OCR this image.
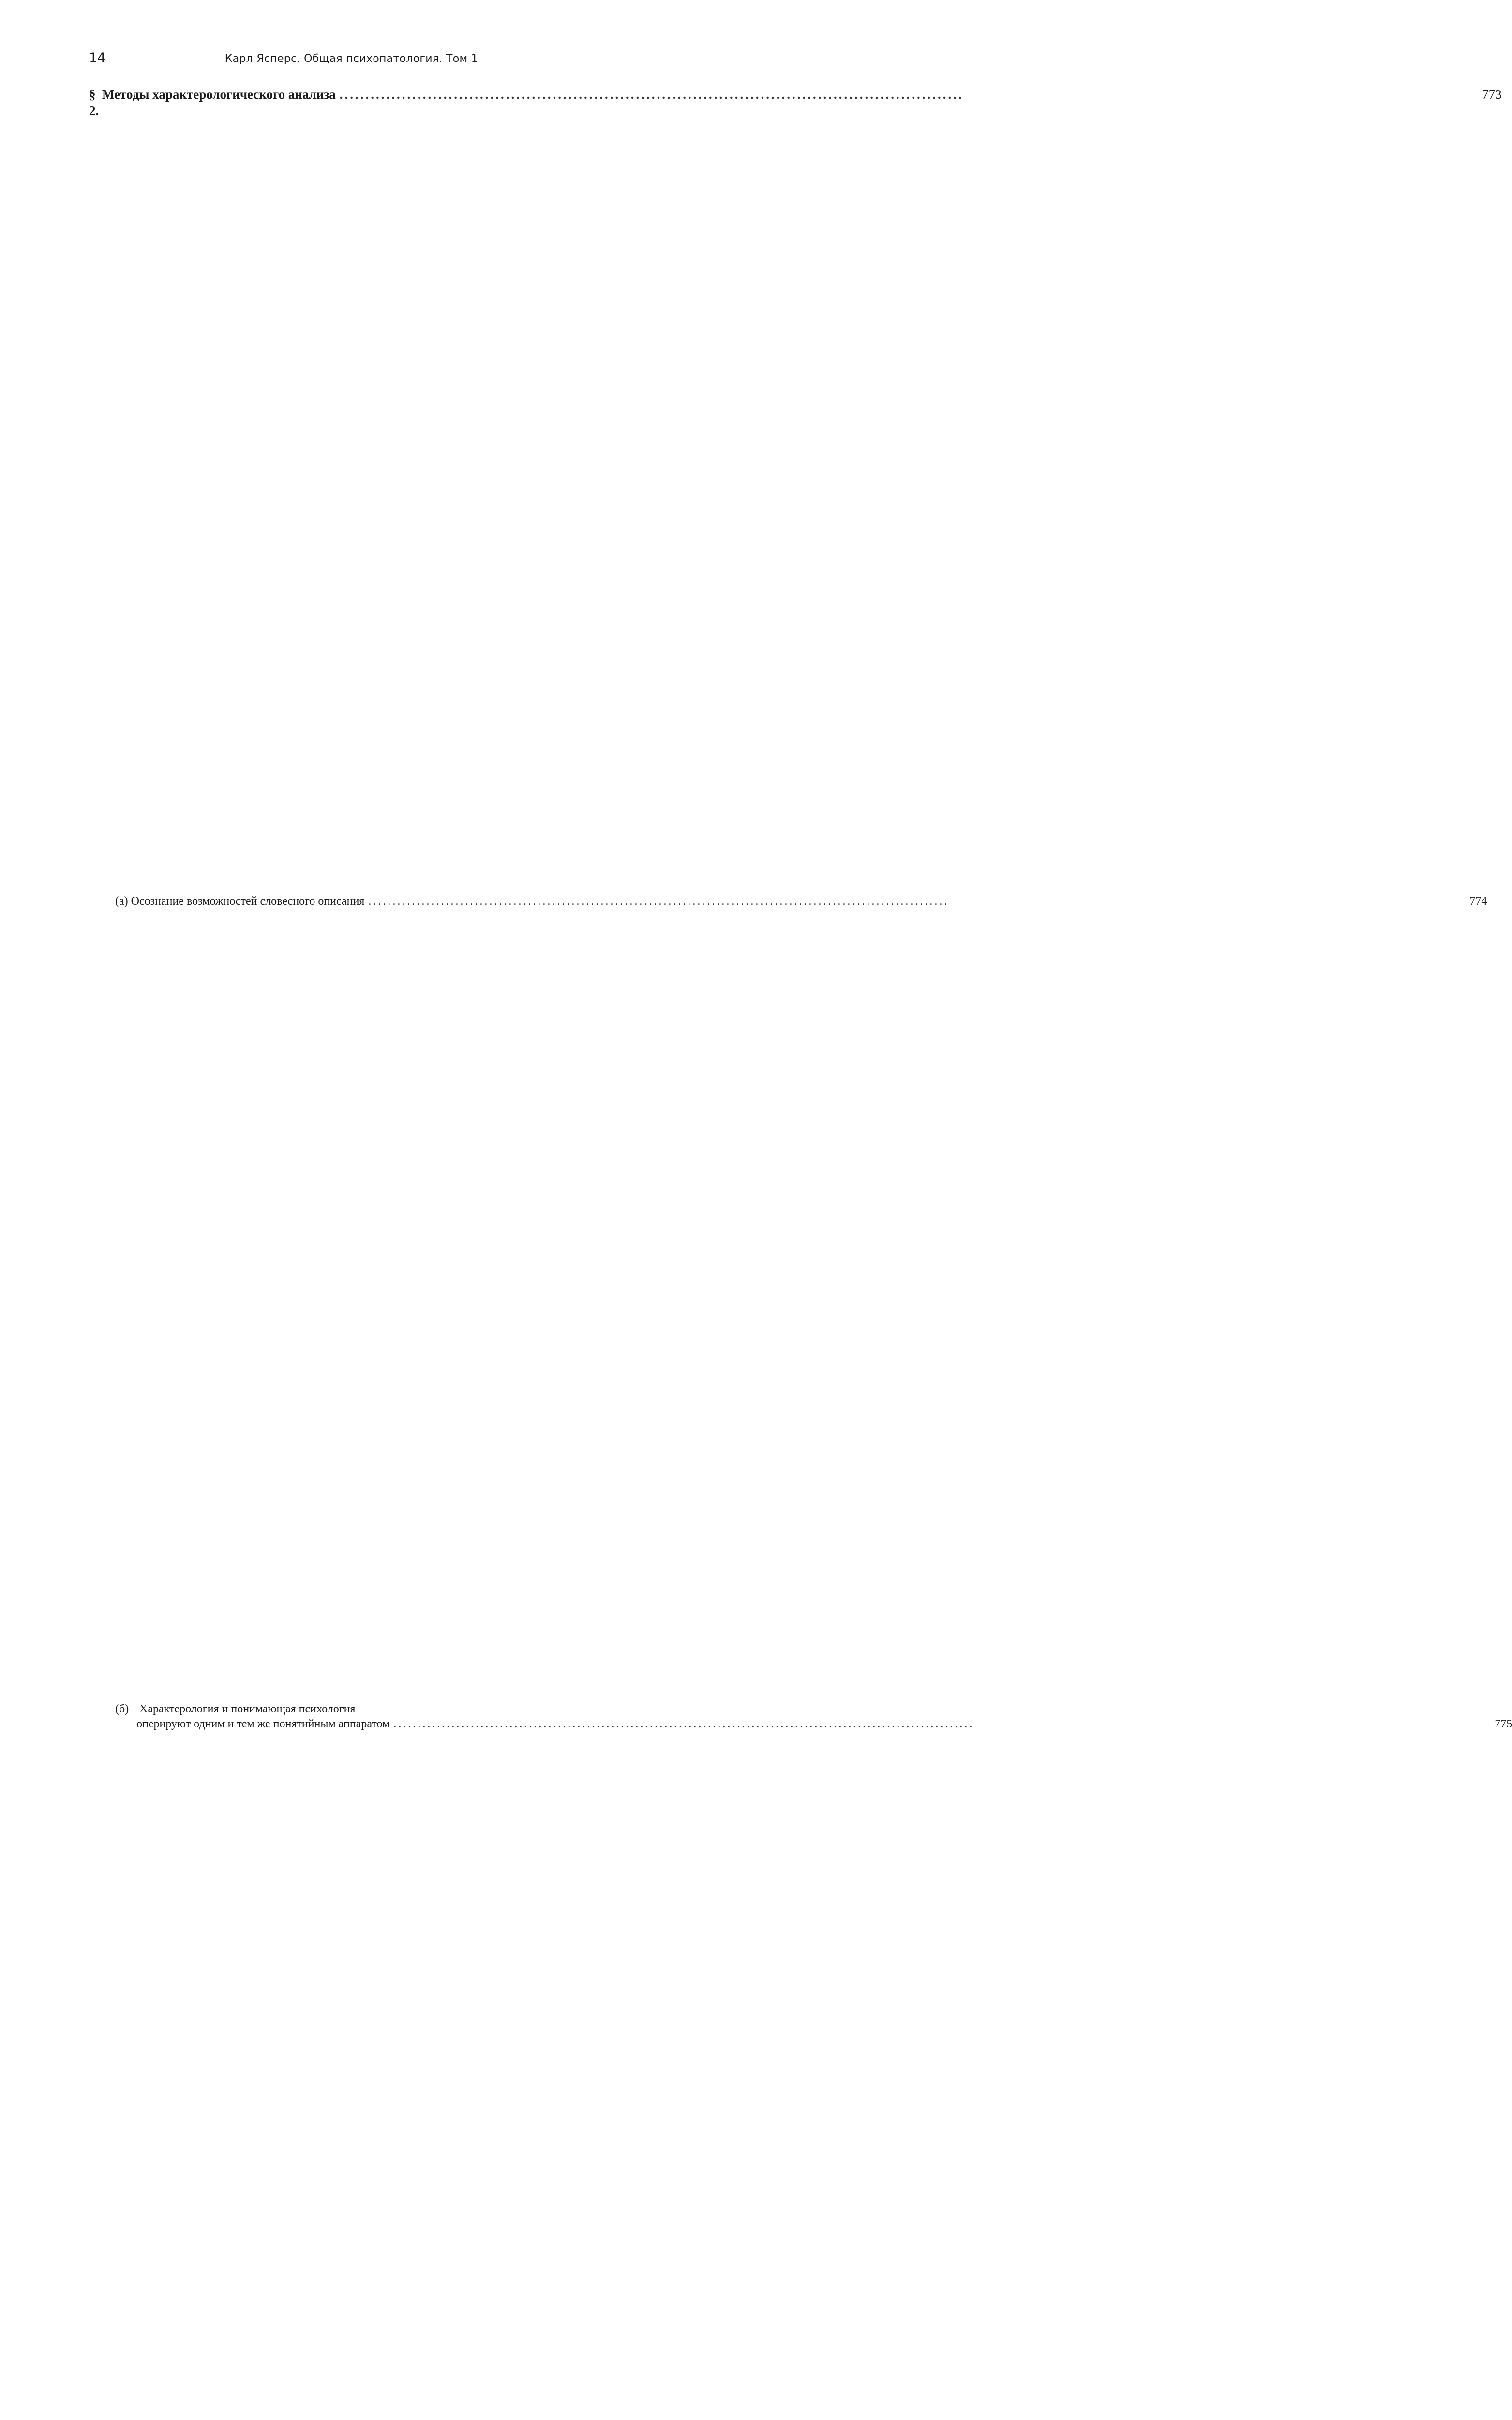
14	Карл Ясперс. Общая психопатология. Том 1
§ 2.

Методы характерологического анализа ........................................................................................................................	773
(а)
Осознание возможностей словесного описания ........................................................................................................................	774
(б) Характерология и понимающая психология
оперируют одним и тем же понятийным аппаратом ........................................................................................................................	775
